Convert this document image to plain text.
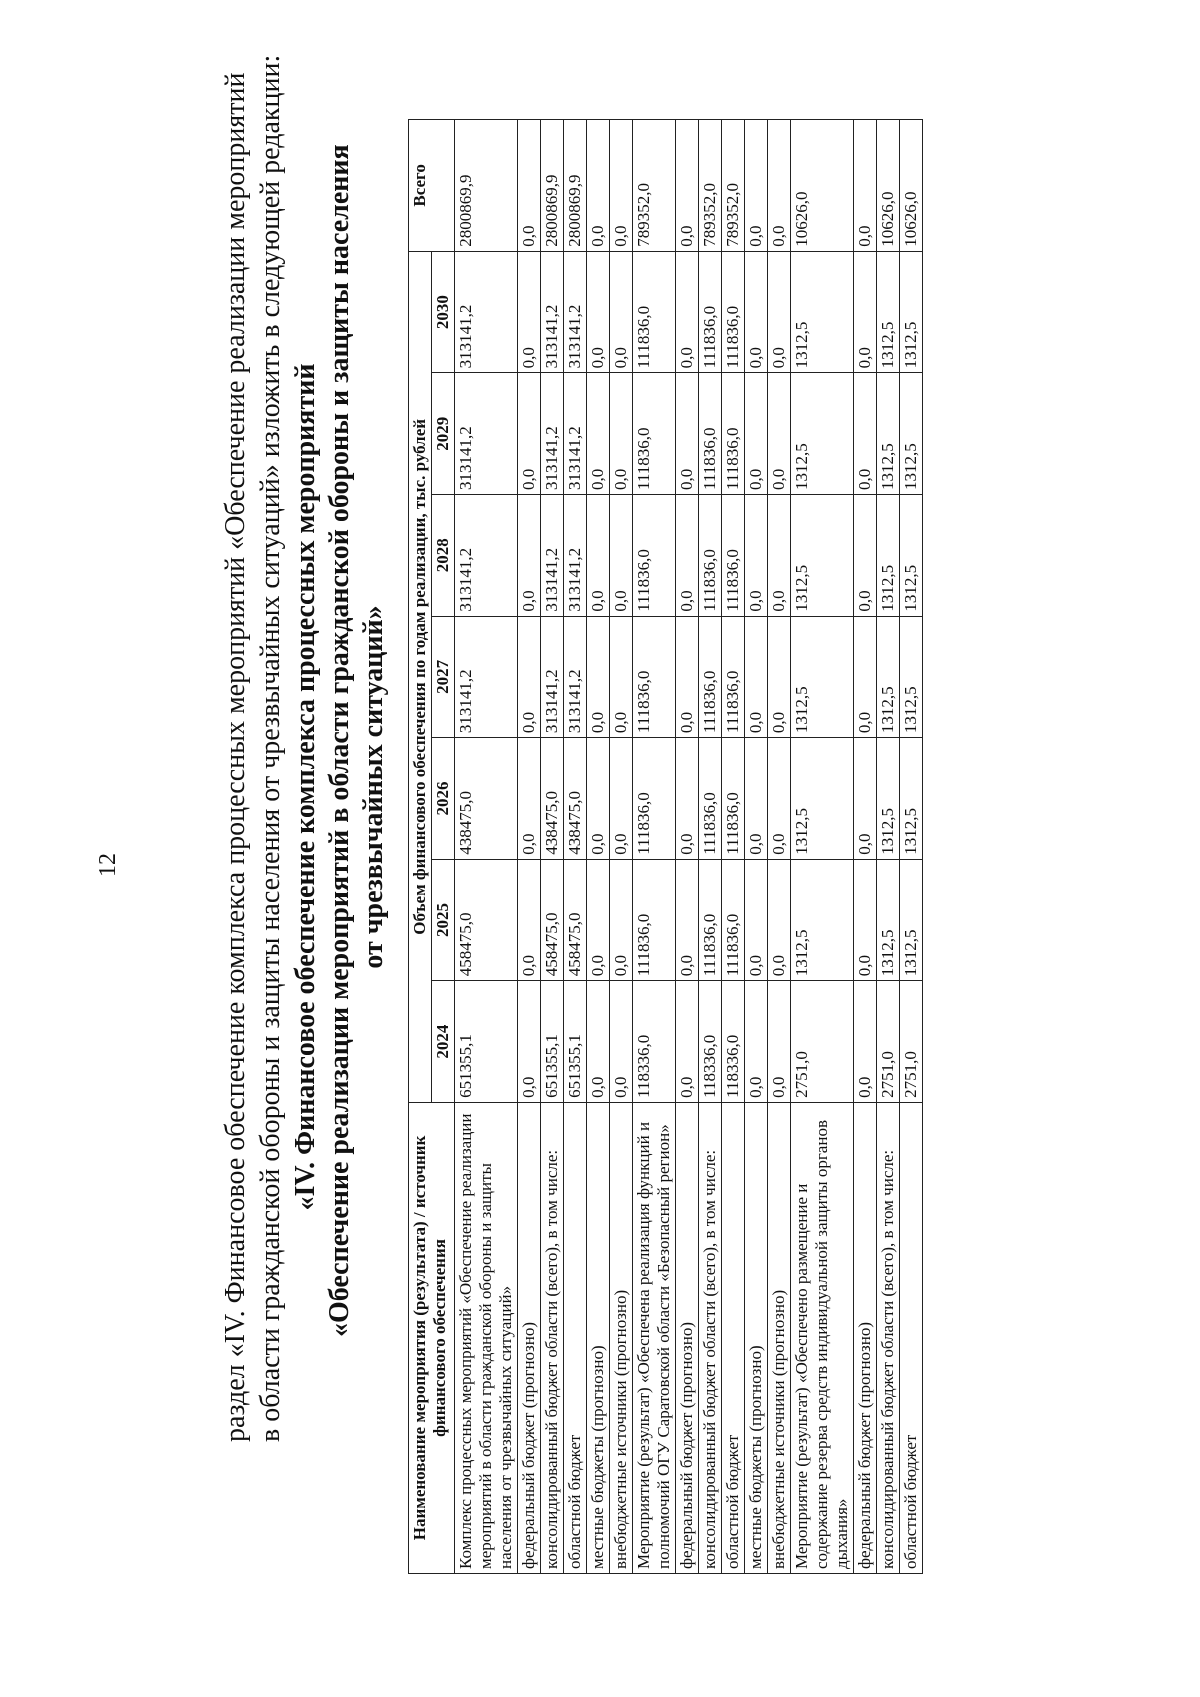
12	раздел «IV. Финансовое обеспечение комплекса процессных мероприятий «Обеспечение реализации мероприятий в области гражданской обороны и защиты населения от чрезвычайных ситуаций» изложить в следующей редакции: «IV. Финансовое обеспечение комплекса процессных мероприятий «Обеспечение реализации мероприятий в области гражданской обороны и защиты населения от чрезвычайных ситуаций»
Наименование мероприятия (результата) / источник финансового обеспечения	Объем финансового обеспечения по годам реализации, тыс. рублей							Всего
	2024	2025	2026	2027	2028	2029	2030	
Комплекс процессных мероприятий «Обеспечение реализации мероприятий в области гражданской обороны и защиты населения от чрезвычайных ситуаций»	651355,1	458475,0	438475,0	313141,2	313141,2	313141,2	313141,2	2800869,9
федеральный бюджет (прогнозно)	0,0	0,0	0,0	0,0	0,0	0,0	0,0	0,0
консолидированный бюджет области (всего), в том числе:	651355,1	458475,0	438475,0	313141,2	313141,2	313141,2	313141,2	2800869,9
областной бюджет	651355,1	458475,0	438475,0	313141,2	313141,2	313141,2	313141,2	2800869,9
местные бюджеты (прогнозно)	0,0	0,0	0,0	0,0	0,0	0,0	0,0	0,0
внебюджетные источники (прогнозно)	0,0	0,0	0,0	0,0	0,0	0,0	0,0	0,0
Мероприятие (результат) «Обеспечена реализация функций и полномочий ОГУ Саратовской области «Безопасный регион»	118336,0	111836,0	111836,0	111836,0	111836,0	111836,0	111836,0	789352,0
федеральный бюджет (прогнозно)	0,0	0,0	0,0	0,0	0,0	0,0	0,0	0,0
консолидированный бюджет области (всего), в том числе:	118336,0	111836,0	111836,0	111836,0	111836,0	111836,0	111836,0	789352,0
областной бюджет	118336,0	111836,0	111836,0	111836,0	111836,0	111836,0	111836,0	789352,0
местные бюджеты (прогнозно)	0,0	0,0	0,0	0,0	0,0	0,0	0,0	0,0
внебюджетные источники (прогнозно)	0,0	0,0	0,0	0,0	0,0	0,0	0,0	0,0
Мероприятие (результат) «Обеспечено размещение и содержание резерва средств индивидуальной защиты органов дыхания»	2751,0	1312,5	1312,5	1312,5	1312,5	1312,5	1312,5	10626,0
федеральный бюджет (прогнозно)	0,0	0,0	0,0	0,0	0,0	0,0	0,0	0,0
консолидированный бюджет области (всего), в том числе:	2751,0	1312,5	1312,5	1312,5	1312,5	1312,5	1312,5	10626,0
областной бюджет	2751,0	1312,5	1312,5	1312,5	1312,5	1312,5	1312,5	10626,0
